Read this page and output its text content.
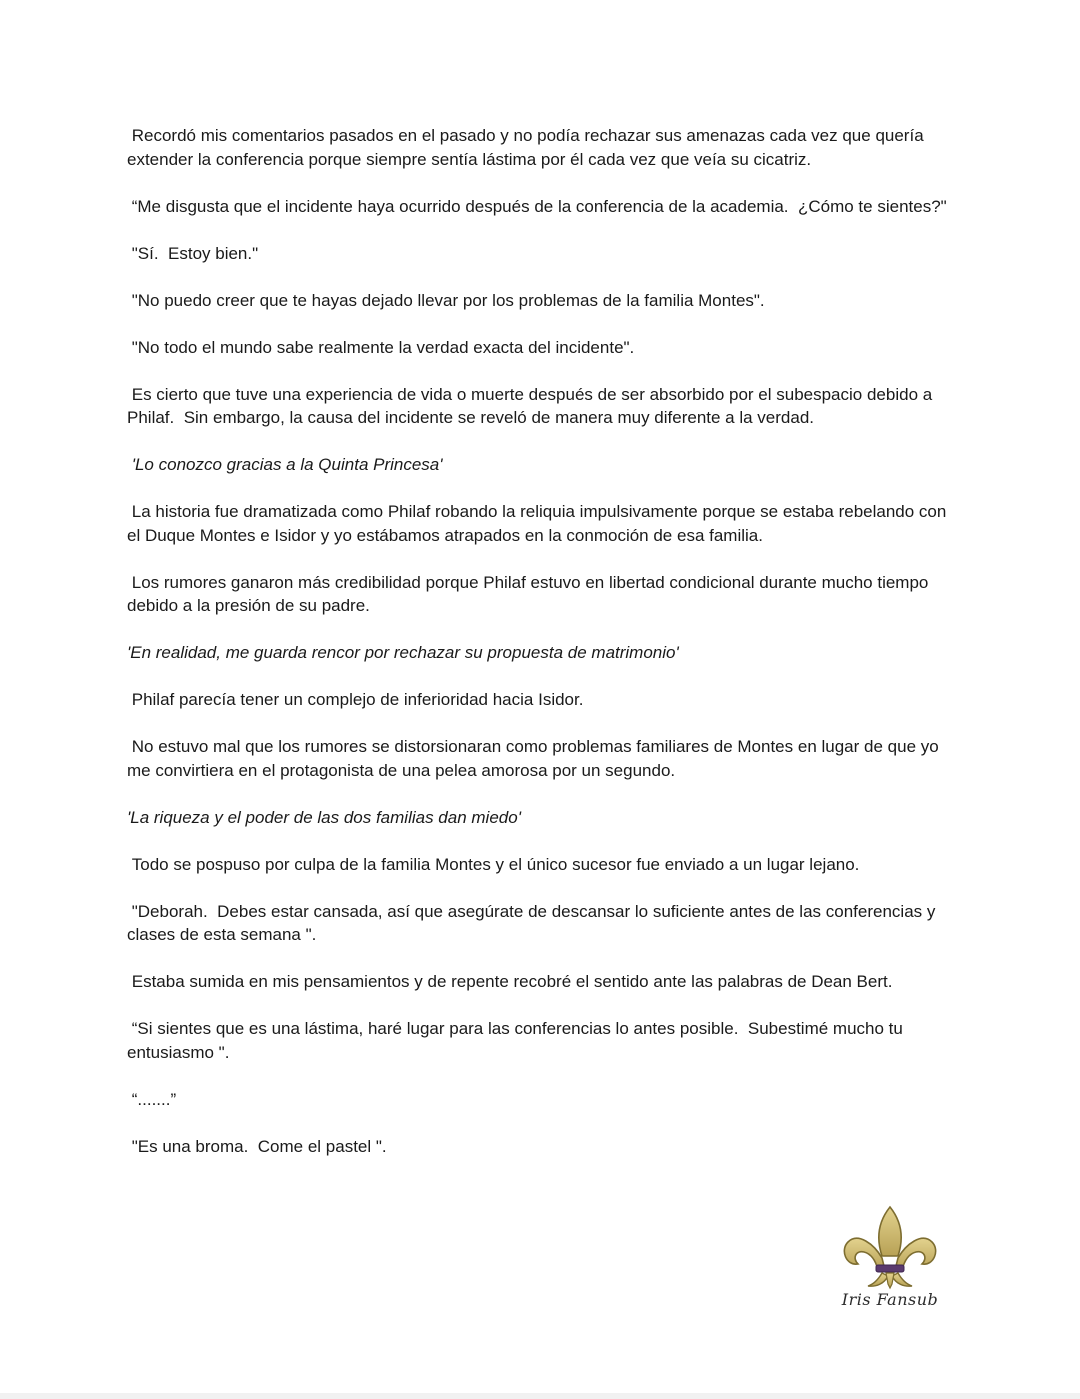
Recordó mis comentarios pasados en el pasado y no podía rechazar sus amenazas cada vez que quería extender la conferencia porque siempre sentía lástima por él cada vez que veía su cicatriz.

“Me disgusta que el incidente haya ocurrido después de la conferencia de la academia.  ¿Cómo te sientes?"

"Sí.  Estoy bien."

"No puedo creer que te hayas dejado llevar por los problemas de la familia Montes".

"No todo el mundo sabe realmente la verdad exacta del incidente".

Es cierto que tuve una experiencia de vida o muerte después de ser absorbido por el subespacio debido a Philaf.  Sin embargo, la causa del incidente se reveló de manera muy diferente a la verdad.

'Lo conozco gracias a la Quinta Princesa'

La historia fue dramatizada como Philaf robando la reliquia impulsivamente porque se estaba rebelando con el Duque Montes e Isidor y yo estábamos atrapados en la conmoción de esa familia.

Los rumores ganaron más credibilidad porque Philaf estuvo en libertad condicional durante mucho tiempo debido a la presión de su padre.

'En realidad, me guarda rencor por rechazar su propuesta de matrimonio'

Philaf parecía tener un complejo de inferioridad hacia Isidor.

No estuvo mal que los rumores se distorsionaran como problemas familiares de Montes en lugar de que yo me convirtiera en el protagonista de una pelea amorosa por un segundo.

'La riqueza y el poder de las dos familias dan miedo'

Todo se pospuso por culpa de la familia Montes y el único sucesor fue enviado a un lugar lejano.

"Deborah.  Debes estar cansada, así que asegúrate de descansar lo suficiente antes de las conferencias y clases de esta semana ".

Estaba sumida en mis pensamientos y de repente recobré el sentido ante las palabras de Dean Bert.

“Si sientes que es una lástima, haré lugar para las conferencias lo antes posible.  Subestimé mucho tu entusiasmo ".

“.......”

"Es una broma.  Come el pastel ".

Iris Fansub
